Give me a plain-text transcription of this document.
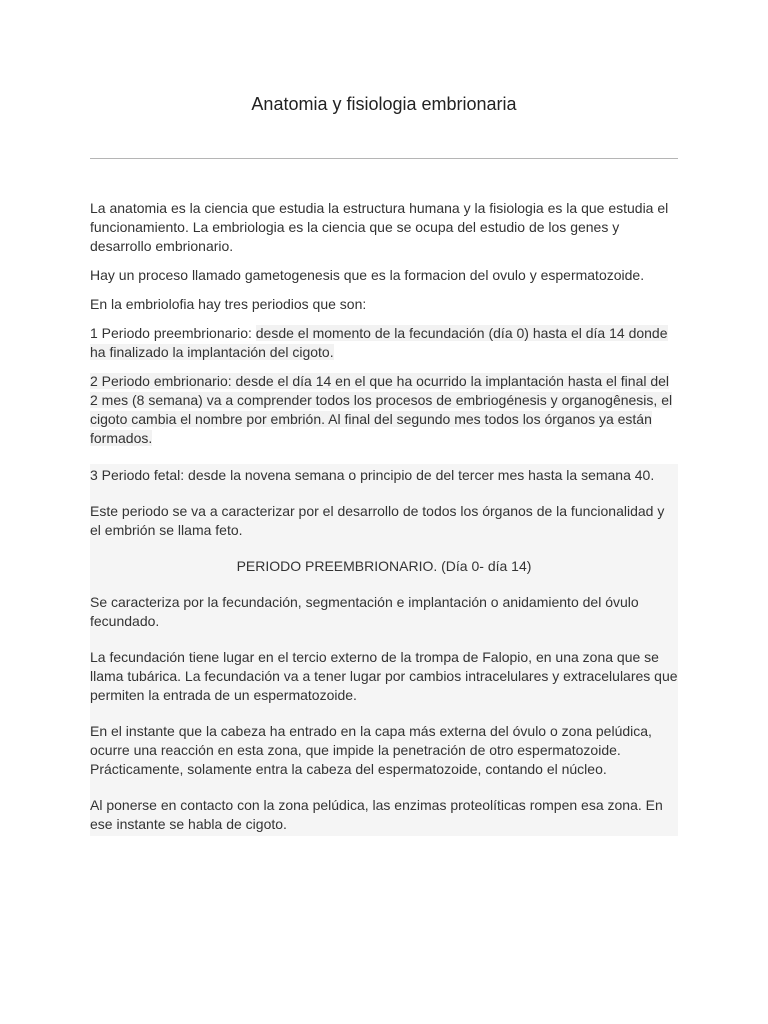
Anatomia y fisiologia embrionaria

La anatomia es la ciencia que estudia la estructura humana y la fisiologia es la que estudia el funcionamiento. La embriologia es la ciencia que se ocupa del estudio de los genes y desarrollo embrionario.

Hay un proceso llamado gametogenesis que es la formacion del ovulo y espermatozoide.

En la embriolofia hay tres periodios que son:

1 Periodo preembrionario: desde el momento de la fecundación (día 0) hasta el día 14 donde ha finalizado la implantación del cigoto.

2 Periodo embrionario: desde el día 14 en el que ha ocurrido la implantación hasta el final del 2 mes (8 semana) va a comprender todos los procesos de embriogénesis y organogênesis, el cigoto cambia el nombre por embrión. Al final del segundo mes todos los órganos ya están formados.

3 Periodo fetal: desde la novena semana o principio de del tercer mes hasta la semana 40.

Este periodo se va a caracterizar por el desarrollo de todos los órganos de la funcionalidad y el embrión se llama feto.

PERIODO PREEMBRIONARIO. (Día 0- día 14)

Se caracteriza por la fecundación, segmentación e implantación o anidamiento del óvulo fecundado.

La fecundación tiene lugar en el tercio externo de la trompa de Falopio, en una zona que se llama tubárica. La fecundación va a tener lugar por cambios intracelulares y extracelulares que permiten la entrada de un espermatozoide.

En el instante que la cabeza ha entrado en la capa más externa del óvulo o zona pelúdica, ocurre una reacción en esta zona, que impide la penetración de otro espermatozoide. Prácticamente, solamente entra la cabeza del espermatozoide, contando el núcleo.

Al ponerse en contacto con la zona pelúdica, las enzimas proteolíticas rompen esa zona. En ese instante se habla de cigoto.
